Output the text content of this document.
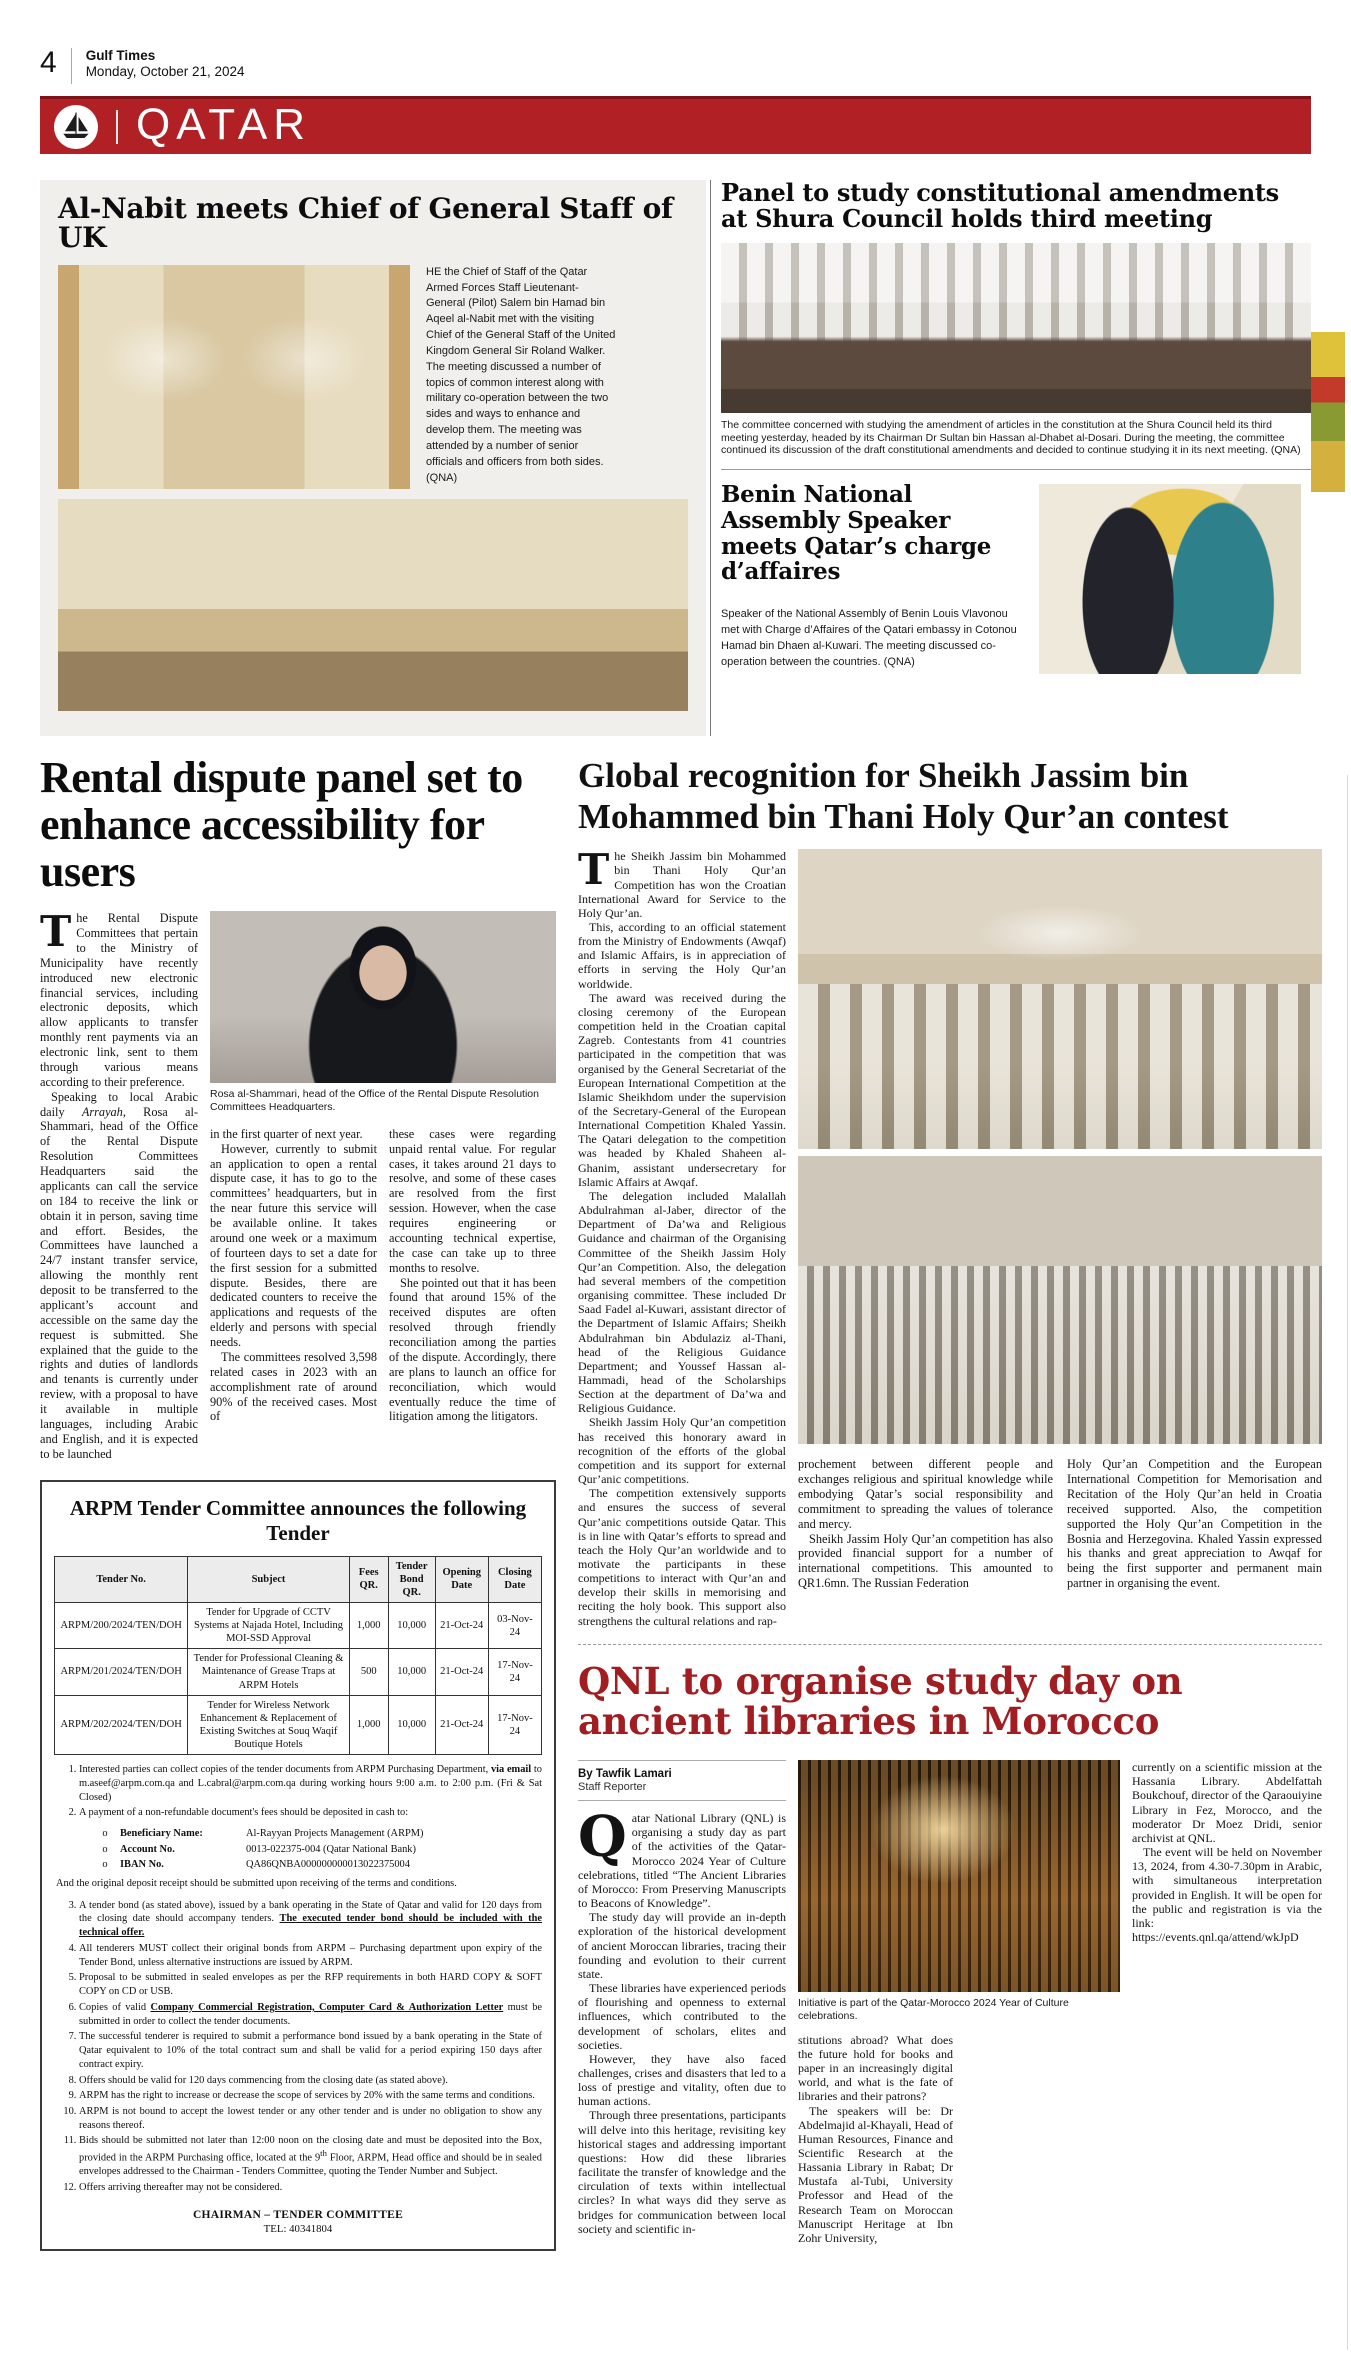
4 Gulf Times
Monday, October 21, 2024
QATAR
Al-Nabit meets Chief of General Staff of UK
HE the Chief of Staff of the Qatar Armed Forces Staff Lieutenant-General (Pilot) Salem bin Hamad bin Aqeel al-Nabit met with the visiting Chief of the General Staff of the United Kingdom General Sir Roland Walker. The meeting discussed a number of topics of common interest along with military co-operation between the two sides and ways to enhance and develop them. The meeting was attended by a number of senior officials and officers from both sides. (QNA)
Panel to study constitutional amendments at Shura Council holds third meeting
The committee concerned with studying the amendment of articles in the constitution at the Shura Council held its third meeting yesterday, headed by its Chairman Dr Sultan bin Hassan al-Dhabet al-Dosari. During the meeting, the committee continued its discussion of the draft constitutional amendments and decided to continue studying it in its next meeting. (QNA)
Benin National Assembly Speaker meets Qatar’s charge d’affaires
Speaker of the National Assembly of Benin Louis Vlavonou met with Charge d’Affaires of the Qatari embassy in Cotonou Hamad bin Dhaen al-Kuwari. The meeting discussed co-operation between the countries. (QNA)
Rental dispute panel set to enhance accessibility for users

The Rental Dispute Committees that pertain to the Ministry of Municipality have recently introduced new electronic financial services, including electronic deposits, which allow applicants to transfer monthly rent payments via an electronic link, sent to them through various means according to their preference.

Speaking to local Arabic daily Arrayah, Rosa al-Shammari, head of the Office of the Rental Dispute Resolution Committees Headquarters said the applicants can call the service on 184 to receive the link or obtain it in person, saving time and effort. Besides, the Committees have launched a 24/7 instant transfer service, allowing the monthly rent deposit to be transferred to the applicant’s account and accessible on the same day the request is submitted. She explained that the guide to the rights and duties of landlords and tenants is currently under review, with a proposal to have it available in multiple languages, including Arabic and English, and it is expected to be launched

Rosa al-Shammari, head of the Office of the Rental Dispute Resolution Committees Headquarters.

in the first quarter of next year.

However, currently to submit an application to open a rental dispute case, it has to go to the committees’ headquarters, but in the near future this service will be available online. It takes around one week or a maximum of fourteen days to set a date for the first session for a submitted dispute. Besides, there are dedicated counters to receive the applications and requests of the elderly and persons with special needs.

The committees resolved 3,598 related cases in 2023 with an accomplishment rate of around 90% of the received cases. Most of

these cases were regarding unpaid rental value. For regular cases, it takes around 21 days to resolve, and some of these cases are resolved from the first session. However, when the case requires engineering or accounting technical expertise, the case can take up to three months to resolve.

She pointed out that it has been found that around 15% of the received disputes are often resolved through friendly reconciliation among the parties of the dispute. Accordingly, there are plans to launch an office for reconciliation, which would eventually reduce the time of litigation among the litigators.

ARPM Tender Committee announces the following Tender
Tender No.	Subject	Fees QR.	Tender Bond QR.	Opening Date	Closing Date
ARPM/200/2024/TEN/DOH	Tender for Upgrade of CCTV Systems at Najada Hotel, Including MOI-SSD Approval	1,000	10,000	21-Oct-24	03-Nov-24
ARPM/201/2024/TEN/DOH	Tender for Professional Cleaning & Maintenance of Grease Traps at ARPM Hotels	500	10,000	21-Oct-24	17-Nov-24
ARPM/202/2024/TEN/DOH	Tender for Wireless Network Enhancement & Replacement of Existing Switches at Souq Waqif Boutique Hotels	1,000	10,000	21-Oct-24	17-Nov-24
1. Interested parties can collect copies of the tender documents from ARPM Purchasing Department, via email to m.aseef@arpm.com.qa and L.cabral@arpm.com.qa during working hours 9:00 a.m. to 2:00 p.m. (Fri & Sat Closed)
2. A payment of a non-refundable document's fees should be deposited in cash to:
o	Beneficiary Name:	Al-Rayyan Projects Management (ARPM)
o	Account No.	0013-022375-004 (Qatar National Bank)
o	IBAN No.	QA86QNBA000000000013022375004
And the original deposit receipt should be submitted upon receiving of the terms and conditions.
3. A tender bond (as stated above), issued by a bank operating in the State of Qatar and valid for 120 days from the closing date should accompany tenders. The executed tender bond should be included with the technical offer.
4. All tenderers MUST collect their original bonds from ARPM – Purchasing department upon expiry of the Tender Bond, unless alternative instructions are issued by ARPM.
5. Proposal to be submitted in sealed envelopes as per the RFP requirements in both HARD COPY & SOFT COPY on CD or USB.
6. Copies of valid Company Commercial Registration, Computer Card & Authorization Letter must be submitted in order to collect the tender documents.
7. The successful tenderer is required to submit a performance bond issued by a bank operating in the State of Qatar equivalent to 10% of the total contract sum and shall be valid for a period expiring 150 days after contract expiry.
8. Offers should be valid for 120 days commencing from the closing date (as stated above).
9. ARPM has the right to increase or decrease the scope of services by 20% with the same terms and conditions.
10. ARPM is not bound to accept the lowest tender or any other tender and is under no obligation to show any reasons thereof.
11. Bids should be submitted not later than 12:00 noon on the closing date and must be deposited into the Box, provided in the ARPM Purchasing office, located at the 9th Floor, ARPM, Head office and should be in sealed envelopes addressed to the Chairman - Tenders Committee, quoting the Tender Number and Subject.
12. Offers arriving thereafter may not be considered.
CHAIRMAN – TENDER COMMITTEE
TEL: 40341804
Global recognition for Sheikh Jassim bin Mohammed bin Thani Holy Qur’an contest

The Sheikh Jassim bin Mohammed bin Thani Holy Qur’an Competition has won the Croatian International Award for Service to the Holy Qur’an.

This, according to an official statement from the Ministry of Endowments (Awqaf) and Islamic Affairs, is in appreciation of efforts in serving the Holy Qur’an worldwide.

The award was received during the closing ceremony of the European competition held in the Croatian capital Zagreb. Contestants from 41 countries participated in the competition that was organised by the General Secretariat of the European International Competition at the Islamic Sheikhdom under the supervision of the Secretary-General of the European International Competition Khaled Yassin. The Qatari delegation to the competition was headed by Khaled Shaheen al-Ghanim, assistant undersecretary for Islamic Affairs at Awqaf.

The delegation included Malallah Abdulrahman al-Jaber, director of the Department of Da’wa and Religious Guidance and chairman of the Organising Committee of the Sheikh Jassim Holy Qur’an Competition. Also, the delegation had several members of the competition organising committee. These included Dr Saad Fadel al-Kuwari, assistant director of the Department of Islamic Affairs; Sheikh Abdulrahman bin Abdulaziz al-Thani, head of the Religious Guidance Department; and Youssef Hassan al-Hammadi, head of the Scholarships Section at the department of Da’wa and Religious Guidance.

Sheikh Jassim Holy Qur’an competition has received this honorary award in recognition of the efforts of the global competition and its support for external Qur’anic competitions.

The competition extensively supports and ensures the success of several Qur’anic competitions outside Qatar. This is in line with Qatar’s efforts to spread and teach the Holy Qur’an worldwide and to motivate the participants in these competitions to interact with Qur’an and develop their skills in memorising and reciting the holy book. This support also strengthens the cultural relations and rap-

prochement between different people and exchanges religious and spiritual knowledge while embodying Qatar’s social responsibility and commitment to spreading the values of tolerance and mercy.

Sheikh Jassim Holy Qur’an competition has also provided financial support for a number of international competitions. This amounted to QR1.6mn. The Russian Federation

Holy Qur’an Competition and the European International Competition for Memorisation and Recitation of the Holy Qur’an held in Croatia received supported. Also, the competition supported the Holy Qur’an Competition in the Bosnia and Herzegovina. Khaled Yassin expressed his thanks and great appreciation to Awqaf for being the first supporter and permanent main partner in organising the event.

QNL to organise study day on ancient libraries in Morocco
By Tawfik Lamari
Staff Reporter

Qatar National Library (QNL) is organising a study day as part of the activities of the Qatar-Morocco 2024 Year of Culture celebrations, titled “The Ancient Libraries of Morocco: From Preserving Manuscripts to Beacons of Knowledge”.

The study day will provide an in-depth exploration of the historical development of ancient Moroccan libraries, tracing their founding and evolution to their current state.

These libraries have experienced periods of flourishing and openness to external influences, which contributed to the development of scholars, elites and societies.

However, they have also faced challenges, crises and disasters that led to a loss of prestige and vitality, often due to human actions.

Through three presentations, participants will delve into this heritage, revisiting key historical stages and addressing important questions: How did these libraries facilitate the transfer of knowledge and the circulation of texts within intellectual circles? In what ways did they serve as bridges for communication between local society and scientific in-

Initiative is part of the Qatar-Morocco 2024 Year of Culture celebrations.

stitutions abroad? What does the future hold for books and paper in an increasingly digital world, and what is the fate of libraries and their patrons?

The speakers will be: Dr Abdelmajid al-Khayali, Head of Human Resources, Finance and Scientific Research at the Hassania Library in Rabat; Dr Mustafa al-Tubi, University Professor and Head of the Research Team on Moroccan Manuscript Heritage at Ibn Zohr University,

currently on a scientific mission at the Hassania Library. Abdelfattah Boukchouf, director of the Qaraouiyine Library in Fez, Morocco, and the moderator Dr Moez Dridi, senior archivist at QNL.

The event will be held on November 13, 2024, from 4.30-7.30pm in Arabic, with simultaneous interpretation provided in English. It will be open for the public and registration is via the link: https://events.qnl.qa/attend/wkJpD
